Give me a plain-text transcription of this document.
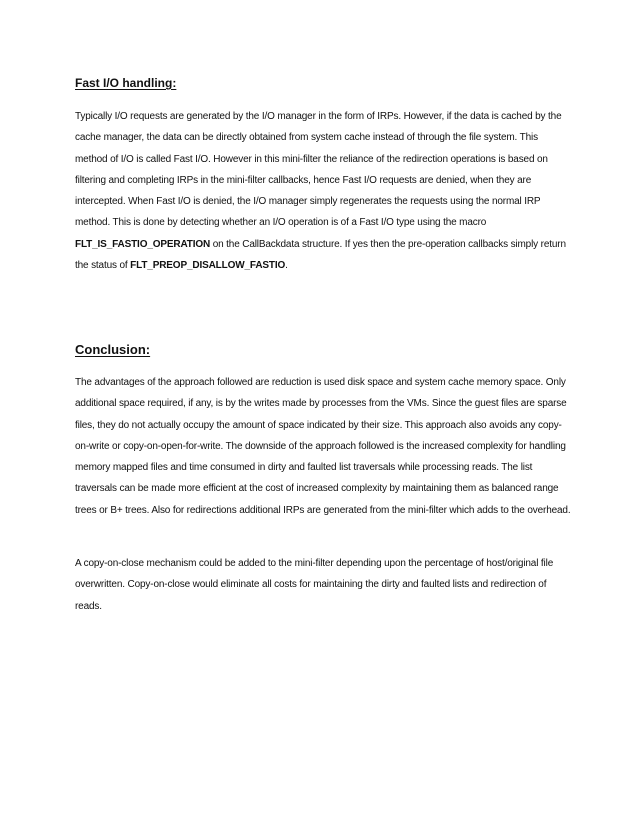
Fast I/O handling:

Typically I/O requests are generated by the I/O manager in the form of IRPs. However, if the data is cached by the cache manager, the data can be directly obtained from system cache instead of through the file system. This method of I/O is called Fast I/O. However in this mini-filter the reliance of the redirection operations is based on filtering and completing IRPs in the mini-filter callbacks, hence Fast I/O requests are denied, when they are intercepted. When Fast I/O is denied, the I/O manager simply regenerates the requests using the normal IRP method. This is done by detecting whether an I/O operation is of a Fast I/O type using the macro FLT_IS_FASTIO_OPERATION on the CallBackdata structure. If yes then the pre-operation callbacks simply return the status of FLT_PREOP_DISALLOW_FASTIO.

Conclusion:

The advantages of the approach followed are reduction is used disk space and system cache memory space. Only additional space required, if any, is by the writes made by processes from the VMs. Since the guest files are sparse files, they do not actually occupy the amount of space indicated by their size. This approach also avoids any copy-on-write or copy-on-open-for-write. The downside of the approach followed is the increased complexity for handling memory mapped files and time consumed in dirty and faulted list traversals while processing reads. The list traversals can be made more efficient at the cost of increased complexity by maintaining them as balanced range trees or B+ trees. Also for redirections additional IRPs are generated from the mini-filter which adds to the overhead.

A copy-on-close mechanism could be added to the mini-filter depending upon the percentage of host/original file overwritten. Copy-on-close would eliminate all costs for maintaining the dirty and faulted lists and redirection of reads.
